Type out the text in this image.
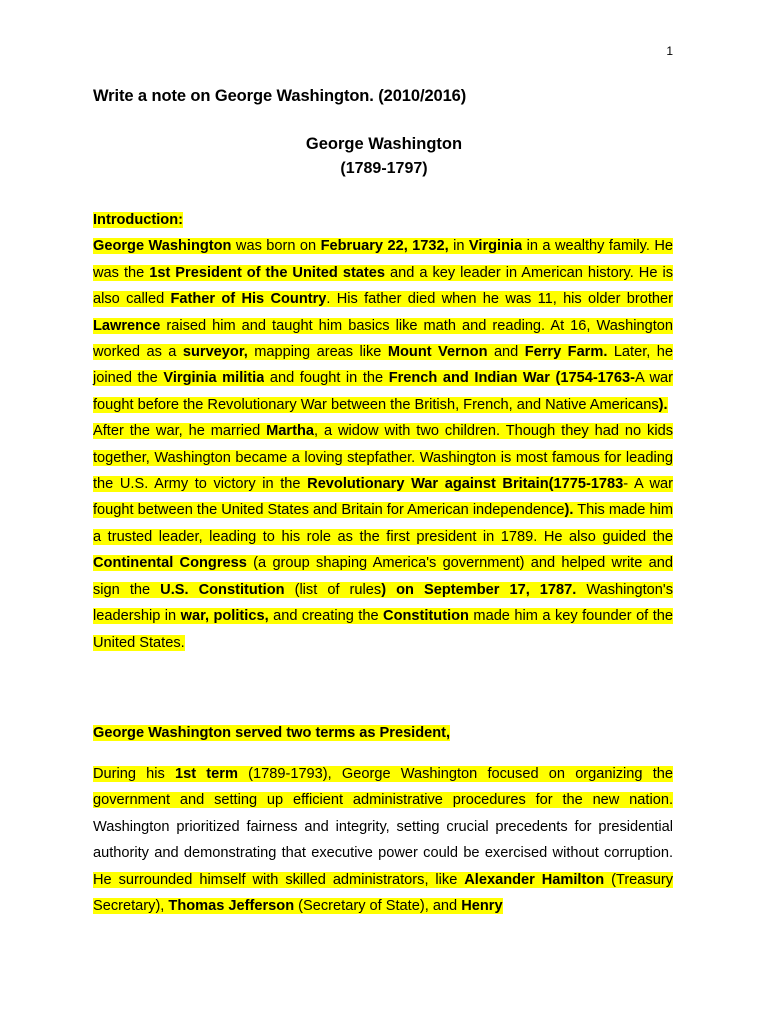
1
Write a note on George Washington. (2010/2016)
George Washington
(1789-1797)

Introduction:

George Washington was born on February 22, 1732, in Virginia in a wealthy family. He was the 1st President of the United states and a key leader in American history. He is also called Father of His Country. His father died when he was 11, his older brother Lawrence raised him and taught him basics like math and reading. At 16, Washington worked as a surveyor, mapping areas like Mount Vernon and Ferry Farm. Later, he joined the Virginia militia and fought in the French and Indian War (1754-1763-A war fought before the Revolutionary War between the British, French, and Native Americans).

After the war, he married Martha, a widow with two children. Though they had no kids together, Washington became a loving stepfather. Washington is most famous for leading the U.S. Army to victory in the Revolutionary War against Britain(1775-1783- A war fought between the United States and Britain for American independence). This made him a trusted leader, leading to his role as the first president in 1789. He also guided the Continental Congress (a group shaping America's government) and helped write and sign the U.S. Constitution (list of rules) on September 17, 1787. Washington's leadership in war, politics, and creating the Constitution made him a key founder of the United States.

George Washington served two terms as President,

During his 1st term (1789-1793), George Washington focused on organizing the government and setting up efficient administrative procedures for the new nation. Washington prioritized fairness and integrity, setting crucial precedents for presidential authority and demonstrating that executive power could be exercised without corruption. He surrounded himself with skilled administrators, like Alexander Hamilton (Treasury Secretary), Thomas Jefferson (Secretary of State), and Henry
